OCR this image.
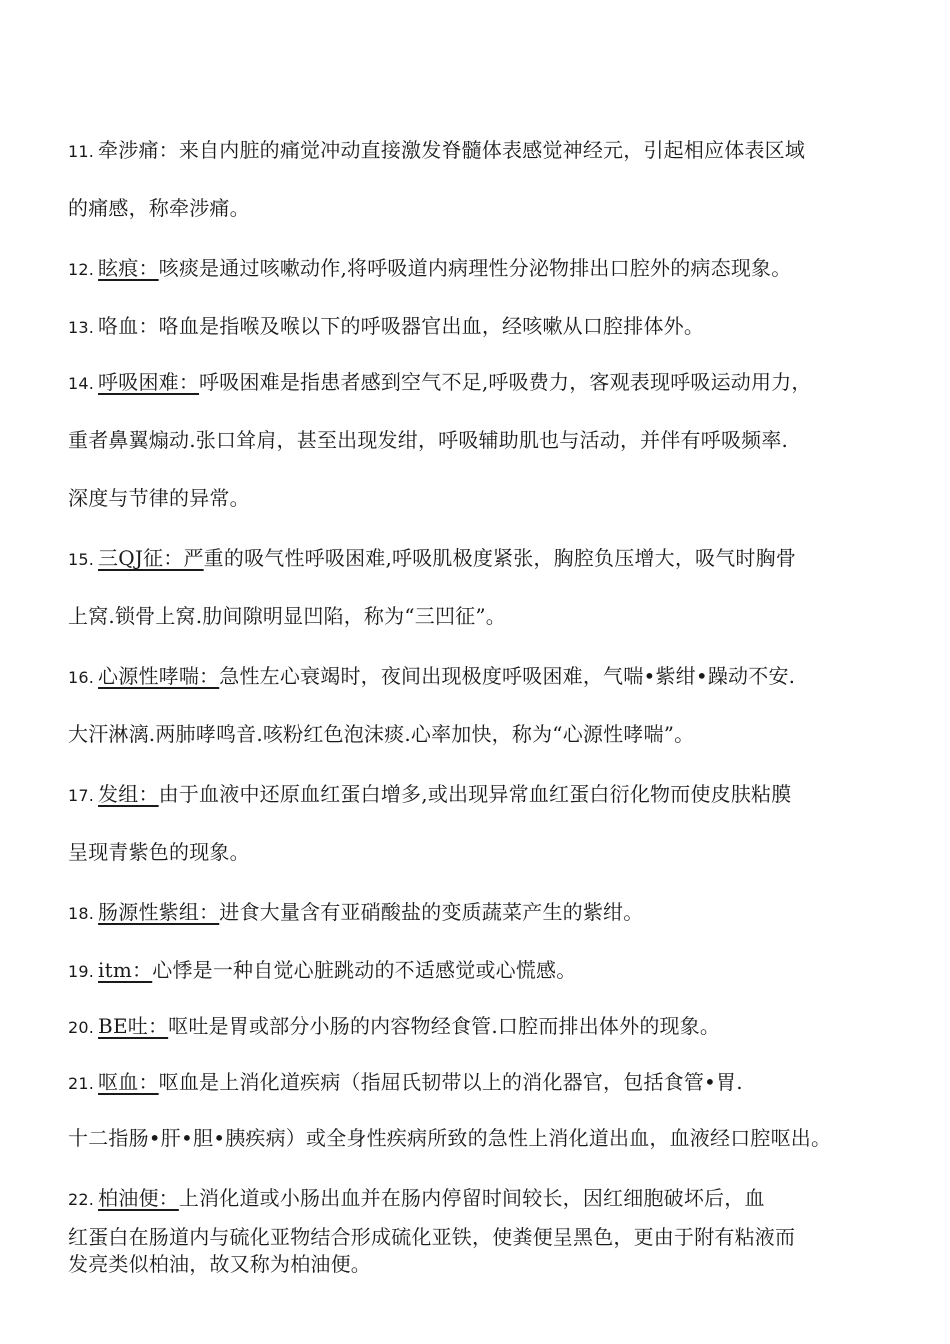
11. 牵涉痛：来自内脏的痛觉冲动直接激发脊髓体表感觉神经元，引起相应体表区域
的痛感，称牵涉痛。
12. 眩痕：咳痰是通过咳嗽动作,将呼吸道内病理性分泌物排出口腔外的病态现象。
13. 咯血：咯血是指喉及喉以下的呼吸器官出血，经咳嗽从口腔排体外。
14. 呼吸困难：呼吸困难是指患者感到空气不足,呼吸费力，客观表现呼吸运动用力，
重者鼻翼煽动.张口耸肩，甚至出现发绀，呼吸辅助肌也与活动，并伴有呼吸频率.
深度与节律的异常。
15. 三QJ征：严重的吸气性呼吸困难,呼吸肌极度紧张，胸腔负压增大，吸气时胸骨
上窝.锁骨上窝.肋间隙明显凹陷，称为“三凹征”。
16. 心源性哮喘：急性左心衰竭时，夜间出现极度呼吸困难，气喘•紫绀•躁动不安.
大汗淋漓.两肺哮鸣音.咳粉红色泡沫痰.心率加快，称为“心源性哮喘”。
17. 发组：由于血液中还原血红蛋白增多,或出现异常血红蛋白衍化物而使皮肤粘膜
呈现青紫色的现象。
18. 肠源性紫组：进食大量含有亚硝酸盐的变质蔬菜产生的紫绀。
19. itm：心悸是一种自觉心脏跳动的不适感觉或心慌感。
20. BE吐：呕吐是胃或部分小肠的内容物经食管.口腔而排出体外的现象。
21. 呕血：呕血是上消化道疾病（指屈氏韧带以上的消化器官，包括食管•胃.
十二指肠•肝•胆•胰疾病）或全身性疾病所致的急性上消化道出血，血液经口腔呕出。
22. 柏油便：上消化道或小肠出血并在肠内停留时间较长，因红细胞破坏后，血
红蛋白在肠道内与硫化亚物结合形成硫化亚铁，使粪便呈黑色，更由于附有粘液而
发亮类似柏油，故又称为柏油便。
